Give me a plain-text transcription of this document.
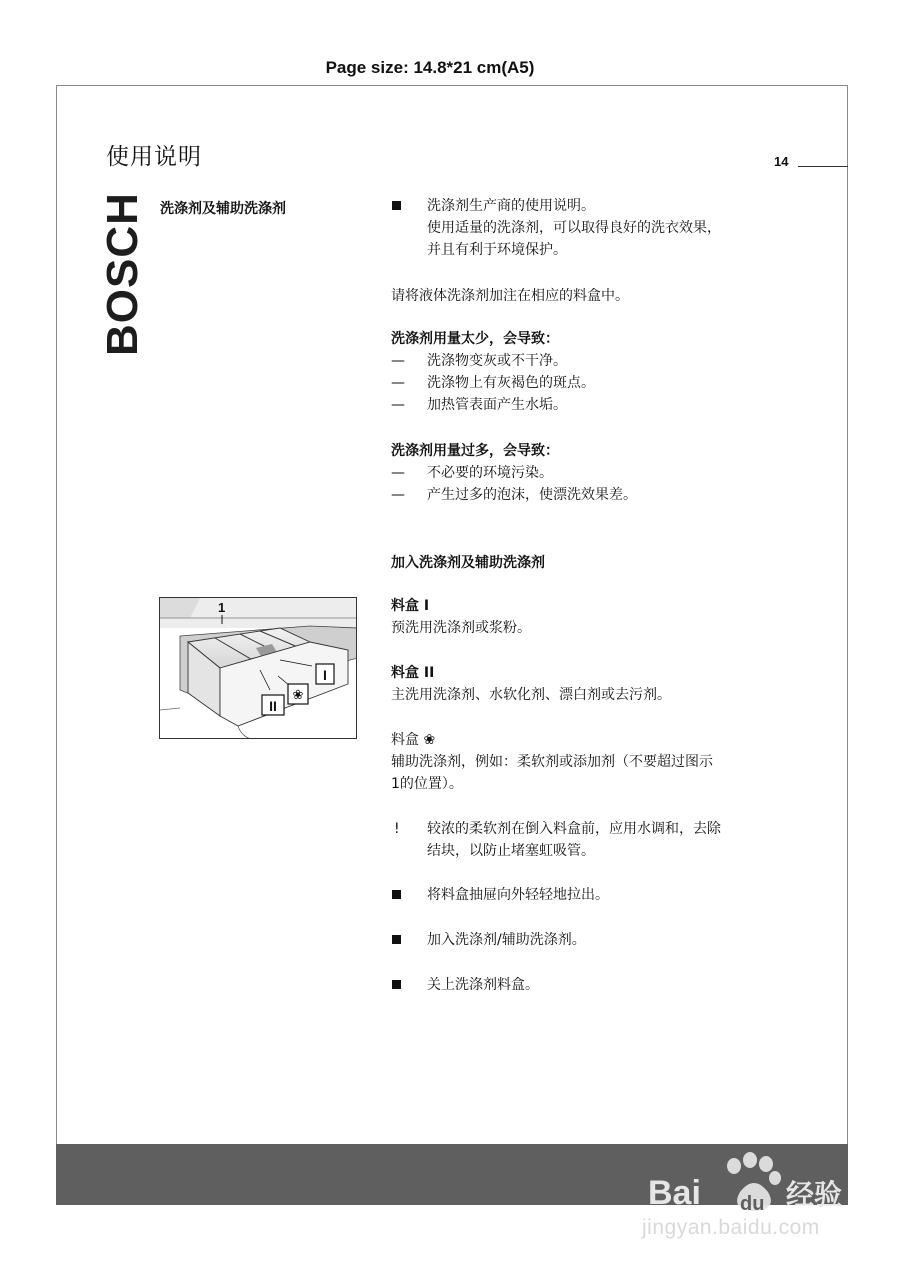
Page size: 14.8*21 cm(A5)
使用说明	14
BOSCH 洗涤剂及辅助洗涤剂	洗涤剂生产商的使用说明。
使用适量的洗涤剂，可以取得良好的洗衣效果，
并且有利于环境保护。
请将液体洗涤剂加注在相应的料盒中。
洗涤剂用量太少，会导致：
—	洗涤物变灰或不干净。
—	洗涤物上有灰褐色的斑点。
—	加热管表面产生水垢。
洗涤剂用量过多，会导致：
—	不必要的环境污染。
—	产生过多的泡沫，使漂洗效果差。
加入洗涤剂及辅助洗涤剂
料盒 I
预洗用洗涤剂或浆粉。
料盒 II
主洗用洗涤剂、水软化剂、漂白剂或去污剂。
料盒 ❀
辅助洗涤剂，例如：柔软剂或添加剂（不要超过图示
1的位置）。
!	较浓的柔软剂在倒入料盒前，应用水调和，去除
结块，以防止堵塞虹吸管。
将料盒抽屉向外轻轻地拉出。
加入洗涤剂/辅助洗涤剂。
关上洗涤剂料盒。
1
I
❀
II
Bai du 经验
jingyan.baidu.com
